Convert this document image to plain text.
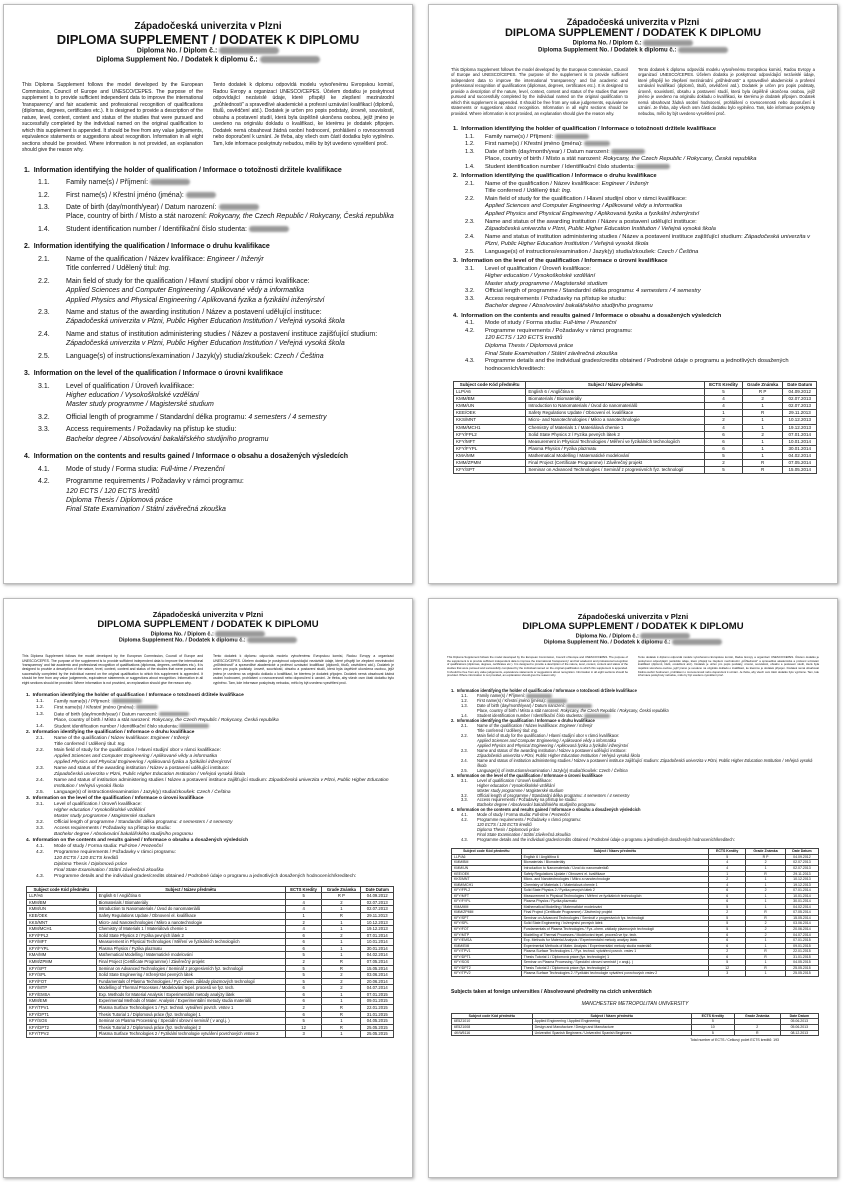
Západočeská univerzita v Plzni
DIPLOMA SUPPLEMENT / DODATEK K DIPLOMU
Diploma No. / Diplom č.:
Diploma Supplement No. / Dodatek k diplomu č.:
This Diploma Supplement follows the model developed by the European Commission, Council of Europe and UNESCO/CEPES. The purpose of the supplement is to provide sufficient independent data to improve the international 'transparency' and fair academic and professional recognition of qualifications (diplomas, degrees, certificates etc.). It is designed to provide a description of the nature, level, context, content and status of the studies that were pursued and successfully completed by the individual named on the original qualification to which this supplement is appended. It should be free from any value judgements, equivalence statements or suggestions about recognition. Information in all eight sections should be provided. Where information is not provided, an explanation should give the reason why.
Tento dodatek k diplomu odpovídá modelu vytvořenému Evropskou komisí, Radou Evropy a organizací UNESCO/CEPES. Účelem dodatku je poskytnout odpovídající nezávislé údaje, které přispějí ke zlepšení mezinárodní „průhlednosti" a spravedlivé akademické a profesní uznávání kvalifikací (diplomů, titulů, osvědčení atd.). Dodatek je určen pro popis podstaty, úrovně, souvislostí, obsahu a postavení studií, která byla úspěšně ukončena osobou, jejíž jméno je uvedeno na originálu dokladu o kvalifikaci, ke kterému je dodatek připojen. Dodatek nemá obsahovat žádná osobní hodnocení, prohlášení o rovnocennosti nebo doporučení k uznání. Je třeba, aby všech osm částí dodatku bylo vyplněno. Tam, kde informace poskytnuty nebudou, mělo by být uvedeno vysvětlení proč.
1.  Information identifying the holder of qualification / Informace o totožnosti držitele kvalifikace
1.1.	Family name(s) / Příjmení:
1.2.	First name(s) / Křestní jméno (jména):
1.3.	Date of birth (day/month/year) / Datum narození:
Place, country of birth / Místo a stát narození: Rokycany, the Czech Republic / Rokycany, Česká republika
1.4.	Student identification number / Identifikační číslo studenta:
2.  Information identifying the qualification / Informace o druhu kvalifikace
2.1.	Name of the qualification / Název kvalifikace: Engineer / Inženýr
Title conferred / Udělený titul: Ing.
2.2.	Main field of study for the qualification / Hlavní studijní obor v rámci kvalifikace:
Applied Sciences and Computer Engineering / Aplikované vědy a informatika
Applied Physics and Physical Engineering / Aplikovaná fyzika a fyzikální inženýrství
2.3.	Name and status of the awarding institution / Název a postavení udělující instituce:
Západočeská univerzita v Plzni, Public Higher Education Institution / Veřejná vysoká škola
2.4.	Name and status of institution administering studies / Název a postavení instituce zajišťující studium: Západočeská univerzita v Plzni, Public Higher Education Institution / Veřejná vysoká škola
2.5.	Language(s) of instructions/examination / Jazyk(y) studia/zkoušek: Czech / Čeština
3.  Information on the level of the qualification / Informace o úrovni kvalifikace
3.1.	Level of qualification / Úroveň kvalifikace:
Higher education / Vysokoškolské vzdělání
Master study programme / Magisterské studium
3.2.	Official length of programme / Standardní délka programu: 4 semesters / 4 semestry
3.3.	Access requirements / Požadavky na přístup ke studiu:
Bachelor degree / Absolvování bakalářského studijního programu
4.  Information on the contents and results gained / Informace o obsahu a dosažených výsledcích
4.1.	Mode of study / Forma studia: Full-time / Prezenční
4.2.	Programme requirements / Požadavky v rámci programu:
120 ECTS / 120 ECTS kreditů
Diploma Thesis / Diplomová práce
Final State Examination / Státní závěrečná zkouška
Západočeská univerzita v Plzni
DIPLOMA SUPPLEMENT / DODATEK K DIPLOMU
Diploma No. / Diplom č.:
Diploma Supplement No. / Dodatek k diplomu č.:
This Diploma Supplement follows the model developed by the European Commission, Council of Europe and UNESCO/CEPES. The purpose of the supplement is to provide sufficient independent data to improve the international 'transparency' and fair academic and professional recognition of qualifications (diplomas, degrees, certificates etc.). It is designed to provide a description of the nature, level, context, content and status of the studies that were pursued and successfully completed by the individual named on the original qualification to which this supplement is appended. It should be free from any value judgements, equivalence statements or suggestions about recognition. Information in all eight sections should be provided. Where information is not provided, an explanation should give the reason why.
Tento dodatek k diplomu odpovídá modelu vytvořenému Evropskou komisí, Radou Evropy a organizací UNESCO/CEPES. Účelem dodatku je poskytnout odpovídající nezávislé údaje, které přispějí ke zlepšení mezinárodní „průhlednosti" a spravedlivé akademické a profesní uznávání kvalifikací (diplomů, titulů, osvědčení atd.). Dodatek je určen pro popis podstaty, úrovně, souvislostí, obsahu a postavení studií, která byla úspěšně ukončena osobou, jejíž jméno je uvedeno na originálu dokladu o kvalifikaci, ke kterému je dodatek připojen. Dodatek nemá obsahovat žádná osobní hodnocení, prohlášení o rovnocennosti nebo doporučení k uznání. Je třeba, aby všech osm částí dodatku bylo vyplněno. Tam, kde informace poskytnuty nebudou, mělo by být uvedeno vysvětlení proč.
1.  Information identifying the holder of qualification / Informace o totožnosti držitele kvalifikace
1.1.	Family name(s) / Příjmení:
1.2.	First name(s) / Křestní jméno (jména):
1.3.	Date of birth (day/month/year) / Datum narození:
Place, country of birth / Místo a stát narození: Rokycany, the Czech Republic / Rokycany, Česká republika
1.4.	Student identification number / Identifikační číslo studenta:
2.  Information identifying the qualification / Informace o druhu kvalifikace
2.1.	Name of the qualification / Název kvalifikace: Engineer / Inženýr
Title conferred / Udělený titul: Ing.
2.2.	Main field of study for the qualification / Hlavní studijní obor v rámci kvalifikace:
Applied Sciences and Computer Engineering / Aplikované vědy a informatika
Applied Physics and Physical Engineering / Aplikovaná fyzika a fyzikální inženýrství
2.3.	Name and status of the awarding institution / Název a postavení udělující instituce:
Západočeská univerzita v Plzni, Public Higher Education Institution / Veřejná vysoká škola
2.4.	Name and status of institution administering studies / Název a postavení instituce zajišťující studium: Západočeská univerzita v Plzni, Public Higher Education Institution / Veřejná vysoká škola
2.5.	Language(s) of instructions/examination / Jazyk(y) studia/zkoušek: Czech / Čeština
3.  Information on the level of the qualification / Informace o úrovni kvalifikace
3.1.	Level of qualification / Úroveň kvalifikace:
Higher education / Vysokoškolské vzdělání
Master study programme / Magisterské studium
3.2.	Official length of programme / Standardní délka programu: 4 semesters / 4 semestry
3.3.	Access requirements / Požadavky na přístup ke studiu:
Bachelor degree / Absolvování bakalářského studijního programu
4.  Information on the contents and results gained / Informace o obsahu a dosažených výsledcích
4.1.	Mode of study / Forma studia: Full-time / Prezenční
4.2.	Programme requirements / Požadavky v rámci programu:
120 ECTS / 120 ECTS kreditů
Diploma Thesis / Diplomová práce
Final State Examination / Státní závěrečná zkouška
4.3.	Programme details and the individual grades/credits obtained / Podrobné údaje o programu a jednotlivých dosažených hodnoceních/kreditech:
Subject code Kód předmětu	Subject / Název předmětu	ECTS Kredity	Grade Známka	Date Datum
LLP/A6	English 6 / Angličtina 6	5	R P	04.09.2012
KMM/BM	Biomaterials / Biomateriály	4	2	02.07.2013
KMM/UN	Introduction to Nanomaterials / Úvod do nanomateriálů	4	1	02.07.2013
KEE/OEK	Safety Regulations Update / Obnovení el. kvalifikace	1	R	29.11.2013
KKS/MNT	Micro- and Nanotechnologies / Mikro a nanotechnologie	2	1	10.12.2013
KMM/MCH1	Chemistry of Materials 1 / Materiálová chemie 1	4	1	19.12.2013
KFY/FPL2	Solid State Physics 2 / Fyzika pevných látek 2	6	2	07.01.2014
KFY/MFT	Measurement in Physical Technologies / Měření ve fyzikálních technologiích	6	1	10.01.2014
KFY/FYPL	Plasma Physics / Fyzika plazmatu	6	1	30.01.2014
KMA/MM	Mathematical Modelling / Matematické modelování	5	1	04.02.2014
KMM/ZPMM	Final Project (Certificate Programme) / Závěrečný projekt	2	R	07.05.2014
KFY/SPT	Seminar on Advanced Technologies / Seminář z progresivních fyz. technologií	5	R	15.05.2014
Západočeská univerzita v Plzni
DIPLOMA SUPPLEMENT / DODATEK K DIPLOMU
Diploma No. / Diplom č.:
Diploma Supplement No. / Dodatek k diplomu č.:
This Diploma Supplement follows the model developed by the European Commission, Council of Europe and UNESCO/CEPES. The purpose of the supplement is to provide sufficient independent data to improve the international 'transparency' and fair academic and professional recognition of qualifications (diplomas, degrees, certificates etc.). It is designed to provide a description of the nature, level, context, content and status of the studies that were pursued and successfully completed by the individual named on the original qualification to which this supplement is appended. It should be free from any value judgements, equivalence statements or suggestions about recognition. Information in all eight sections should be provided. Where information is not provided, an explanation should give the reason why.
Tento dodatek k diplomu odpovídá modelu vytvořenému Evropskou komisí, Radou Evropy a organizací UNESCO/CEPES. Účelem dodatku je poskytnout odpovídající nezávislé údaje, které přispějí ke zlepšení mezinárodní „průhlednosti" a spravedlivé akademické a profesní uznávání kvalifikací (diplomů, titulů, osvědčení atd.). Dodatek je určen pro popis podstaty, úrovně, souvislostí, obsahu a postavení studií, která byla úspěšně ukončena osobou, jejíž jméno je uvedeno na originálu dokladu o kvalifikaci, ke kterému je dodatek připojen. Dodatek nemá obsahovat žádná osobní hodnocení, prohlášení o rovnocennosti nebo doporučení k uznání. Je třeba, aby všech osm částí dodatku bylo vyplněno. Tam, kde informace poskytnuty nebudou, mělo by být uvedeno vysvětlení proč.
1.  Information identifying the holder of qualification / Informace o totožnosti držitele kvalifikace
1.1.	Family name(s) / Příjmení:
1.2.	First name(s) / Křestní jméno (jména):
1.3.	Date of birth (day/month/year) / Datum narození:
Place, country of birth / Místo a stát narození: Rokycany, the Czech Republic / Rokycany, Česká republika
1.4.	Student identification number / Identifikační číslo studenta:
2.  Information identifying the qualification / Informace o druhu kvalifikace
2.1.	Name of the qualification / Název kvalifikace: Engineer / Inženýr
Title conferred / Udělený titul: Ing.
2.2.	Main field of study for the qualification / Hlavní studijní obor v rámci kvalifikace:
Applied Sciences and Computer Engineering / Aplikované vědy a informatika
Applied Physics and Physical Engineering / Aplikovaná fyzika a fyzikální inženýrství
2.3.	Name and status of the awarding institution / Název a postavení udělující instituce:
Západočeská univerzita v Plzni, Public Higher Education Institution / Veřejná vysoká škola
2.4.	Name and status of institution administering studies / Název a postavení instituce zajišťující studium: Západočeská univerzita v Plzni, Public Higher Education Institution / Veřejná vysoká škola
2.5.	Language(s) of instructions/examination / Jazyk(y) studia/zkoušek: Czech / Čeština
3.  Information on the level of the qualification / Informace o úrovni kvalifikace
3.1.	Level of qualification / Úroveň kvalifikace:
Higher education / Vysokoškolské vzdělání
Master study programme / Magisterské studium
3.2.	Official length of programme / Standardní délka programu: 4 semesters / 4 semestry
3.3.	Access requirements / Požadavky na přístup ke studiu:
Bachelor degree / Absolvování bakalářského studijního programu
4.  Information on the contents and results gained / Informace o obsahu a dosažených výsledcích
4.1.	Mode of study / Forma studia: Full-time / Prezenční
4.2.	Programme requirements / Požadavky v rámci programu:
120 ECTS / 120 ECTS kreditů
Diploma Thesis / Diplomová práce
Final State Examination / Státní závěrečná zkouška
4.3.	Programme details and the individual grades/credits obtained / Podrobné údaje o programu a jednotlivých dosažených hodnoceních/kreditech:
Subject code Kód předmětu	Subject / Název předmětu	ECTS Kredity	Grade Známka	Date Datum
LLP/A6	English 6 / Angličtina 6	5	R P	04.09.2012
KMM/BM	Biomaterials / Biomateriály	4	2	02.07.2013
KMM/UN	Introduction to Nanomaterials / Úvod do nanomateriálů	4	1	02.07.2013
KEE/OEK	Safety Regulations Update / Obnovení el. kvalifikace	1	R	29.11.2013
KKS/MNT	Micro- and Nanotechnologies / Mikro a nanotechnologie	2	1	10.12.2013
KMM/MCH1	Chemistry of Materials 1 / Materiálová chemie 1	4	1	19.12.2013
KFY/FPL2	Solid State Physics 2 / Fyzika pevných látek 2	6	2	07.01.2014
KFY/MFT	Measurement in Physical Technologies / Měření ve fyzikálních technologiích	6	1	10.01.2014
KFY/FYPL	Plasma Physics / Fyzika plazmatu	6	1	30.01.2014
KMA/MM	Mathematical Modelling / Matematické modelování	5	1	04.02.2014
KMM/ZPMM	Final Project (Certificate Programme) / Závěrečný projekt	2	R	07.05.2014
KFY/SPT	Seminar on Advanced Technologies / Seminář z progresivních fyz. technologií	5	R	15.05.2014
KFY/SPL	Solid State Engineering / Inženýrství pevných látek	5	2	03.06.2014
KFY/FOT	Fundamentals of Plasma Technologies / Fyz.-chem. základy plazmových technologií	5	2	20.06.2014
KFY/MTP	Modelling of Thermal Processes / Modelování tepel. procesů ve fyz. tech.	6	2	04.07.2014
KFY/EMSA	Exp. Methods for Material Analysis / Experimentální metody analýzy látek	6	1	07.01.2015
KMM/EMI	Experimental Methods of Mater. Analysis / Experimentální metody studia materiálů	6	1	09.01.2015
KFY/TPV1	Plasma Surface Technologies 1 / Fyz. technol. vytváření povrch. vrstev 1	2	R	22.01.2015
KFY/DPT1	Thesis Tutorial 1 / Diplomová práce (fyz. technologie) 1	6	R	31.01.2015
KFY/SOS	Seminar on Plasma Processing / Speciální obrovní seminář ( v angl.j. )	5	1	04.05.2015
KFY/DPT2	Thesis Tutorial 2 / Diplomová práce (fyz. technologie) 2	12	R	25.05.2015
KFY/TPV2	Plasma Surface Technologies 2 / Fyzikální technologie vytváření povrchových vrstev 2	3	1	25.05.2015
Západočeská univerzita v Plzni
DIPLOMA SUPPLEMENT / DODATEK K DIPLOMU
Diploma No. / Diplom č.:
Diploma Supplement No. / Dodatek k diplomu č.:
This Diploma Supplement follows the model developed by the European Commission, Council of Europe and UNESCO/CEPES. The purpose of the supplement is to provide sufficient independent data to improve the international 'transparency' and fair academic and professional recognition of qualifications (diplomas, degrees, certificates etc.). It is designed to provide a description of the nature, level, context, content and status of the studies that were pursued and successfully completed by the individual named on the original qualification to which this supplement is appended. It should be free from any value judgements, equivalence statements or suggestions about recognition. Information in all eight sections should be provided. Where information is not provided, an explanation should give the reason why.
Tento dodatek k diplomu odpovídá modelu vytvořenému Evropskou komisí, Radou Evropy a organizací UNESCO/CEPES. Účelem dodatku je poskytnout odpovídající nezávislé údaje, které přispějí ke zlepšení mezinárodní „průhlednosti" a spravedlivé akademické a profesní uznávání kvalifikací (diplomů, titulů, osvědčení atd.). Dodatek je určen pro popis podstaty, úrovně, souvislostí, obsahu a postavení studií, která byla úspěšně ukončena osobou, jejíž jméno je uvedeno na originálu dokladu o kvalifikaci, ke kterému je dodatek připojen. Dodatek nemá obsahovat žádná osobní hodnocení, prohlášení o rovnocennosti nebo doporučení k uznání. Je třeba, aby všech osm částí dodatku bylo vyplněno. Tam, kde informace poskytnuty nebudou, mělo by být uvedeno vysvětlení proč.
1.  Information identifying the holder of qualification / Informace o totožnosti držitele kvalifikace
1.1.	Family name(s) / Příjmení:
1.2.	First name(s) / Křestní jméno (jména):
1.3.	Date of birth (day/month/year) / Datum narození:
Place, country of birth / Místo a stát narození: Rokycany, the Czech Republic / Rokycany, Česká republika
1.4.	Student identification number / Identifikační číslo studenta:
2.  Information identifying the qualification / Informace o druhu kvalifikace
2.1.	Name of the qualification / Název kvalifikace: Engineer / Inženýr
Title conferred / Udělený titul: Ing.
2.2.	Main field of study for the qualification / Hlavní studijní obor v rámci kvalifikace:
Applied Sciences and Computer Engineering / Aplikované vědy a informatika
Applied Physics and Physical Engineering / Aplikovaná fyzika a fyzikální inženýrství
2.3.	Name and status of the awarding institution / Název a postavení udělující instituce:
Západočeská univerzita v Plzni, Public Higher Education Institution / Veřejná vysoká škola
2.4.	Name and status of institution administering studies / Název a postavení instituce zajišťující studium: Západočeská univerzita v Plzni, Public Higher Education Institution / Veřejná vysoká škola
2.5.	Language(s) of instructions/examination / Jazyk(y) studia/zkoušek: Czech / Čeština
3.  Information on the level of the qualification / Informace o úrovni kvalifikace
3.1.	Level of qualification / Úroveň kvalifikace:
Higher education / Vysokoškolské vzdělání
Master study programme / Magisterské studium
3.2.	Official length of programme / Standardní délka programu: 4 semesters / 4 semestry
3.3.	Access requirements / Požadavky na přístup ke studiu:
Bachelor degree / Absolvování bakalářského studijního programu
4.  Information on the contents and results gained / Informace o obsahu a dosažených výsledcích
4.1.	Mode of study / Forma studia: Full-time / Prezenční
4.2.	Programme requirements / Požadavky v rámci programu:
120 ECTS / 120 ECTS kreditů
Diploma Thesis / Diplomová práce
Final State Examination / Státní závěrečná zkouška
4.3.	Programme details and the individual grades/credits obtained / Podrobné údaje o programu a jednotlivých dosažených hodnoceních/kreditech:
Subject code Kód předmětu	Subject / Název předmětu	ECTS Kredity	Grade Známka	Date Datum
LLP/A6	English 6 / Angličtina 6	5	R P	04.09.2012
KMM/BM	Biomaterials / Biomateriály	4	2	02.07.2013
KMM/UN	Introduction to Nanomaterials / Úvod do nanomateriálů	4	1	02.07.2013
KEE/OEK	Safety Regulations Update / Obnovení el. kvalifikace	1	R	29.11.2013
KKS/MNT	Micro- and Nanotechnologies / Mikro a nanotechnologie	2	1	10.12.2013
KMM/MCH1	Chemistry of Materials 1 / Materiálová chemie 1	4	1	19.12.2013
KFY/FPL2	Solid State Physics 2 / Fyzika pevných látek 2	6	2	07.01.2014
KFY/MFT	Measurement in Physical Technologies / Měření ve fyzikálních technologiích	6	1	10.01.2014
KFY/FYPL	Plasma Physics / Fyzika plazmatu	6	1	30.01.2014
KMA/MM	Mathematical Modelling / Matematické modelování	5	1	04.02.2014
KMM/ZPMM	Final Project (Certificate Programme) / Závěrečný projekt	2	R	07.05.2014
KFY/SPT	Seminar on Advanced Technologies / Seminář z progresivních fyz. technologií	5	R	15.05.2014
KFY/SPL	Solid State Engineering / Inženýrství pevných látek	5	2	03.06.2014
KFY/FOT	Fundamentals of Plasma Technologies / Fyz.-chem. základy plazmových technologií	5	2	20.06.2014
KFY/MTP	Modelling of Thermal Processes / Modelování tepel. procesů ve fyz. tech.	6	2	04.07.2014
KFY/EMSA	Exp. Methods for Material Analysis / Experimentální metody analýzy látek	6	1	07.01.2015
KMM/EMI	Experimental Methods of Mater. Analysis / Experimentální metody studia materiálů	6	1	09.01.2015
KFY/TPV1	Plasma Surface Technologies 1 / Fyz. technol. vytváření povrch. vrstev 1	2	R	22.01.2015
KFY/DPT1	Thesis Tutorial 1 / Diplomová práce (fyz. technologie) 1	6	R	31.01.2015
KFY/SOS	Seminar on Plasma Processing / Speciální obrovní seminář ( v angl.j. )	5	1	04.05.2015
KFY/DPT2	Thesis Tutorial 2 / Diplomová práce (fyz. technologie) 2	12	R	25.05.2015
KFY/TPV2	Plasma Surface Technologies 2 / Fyzikální technologie vytváření povrchových vrstev 2	3	1	25.05.2015
Subjects taken at foreign universities / Absolvované předměty na cizích univerzitách
MANCHESTER METROPOLITAN UNIVERSITY
Subject code Kód předmětu	Subject / Název předmětu	ECTS Kredity	Grade Známka	Date Datum
6E5Z1010	Applied Engineering / Applied Engineering	5		05.06.2013
6E5Z1008	Design and Manufacture / Design and Manufacture	10	2	05.06.2013
4K/W5116	Univerzitní Spanish Beginners / Univerzitní Spanish Beginners	5	R	08.12.2013
Total number of ECTS / Celkový počet ECTS kreditů: 193
